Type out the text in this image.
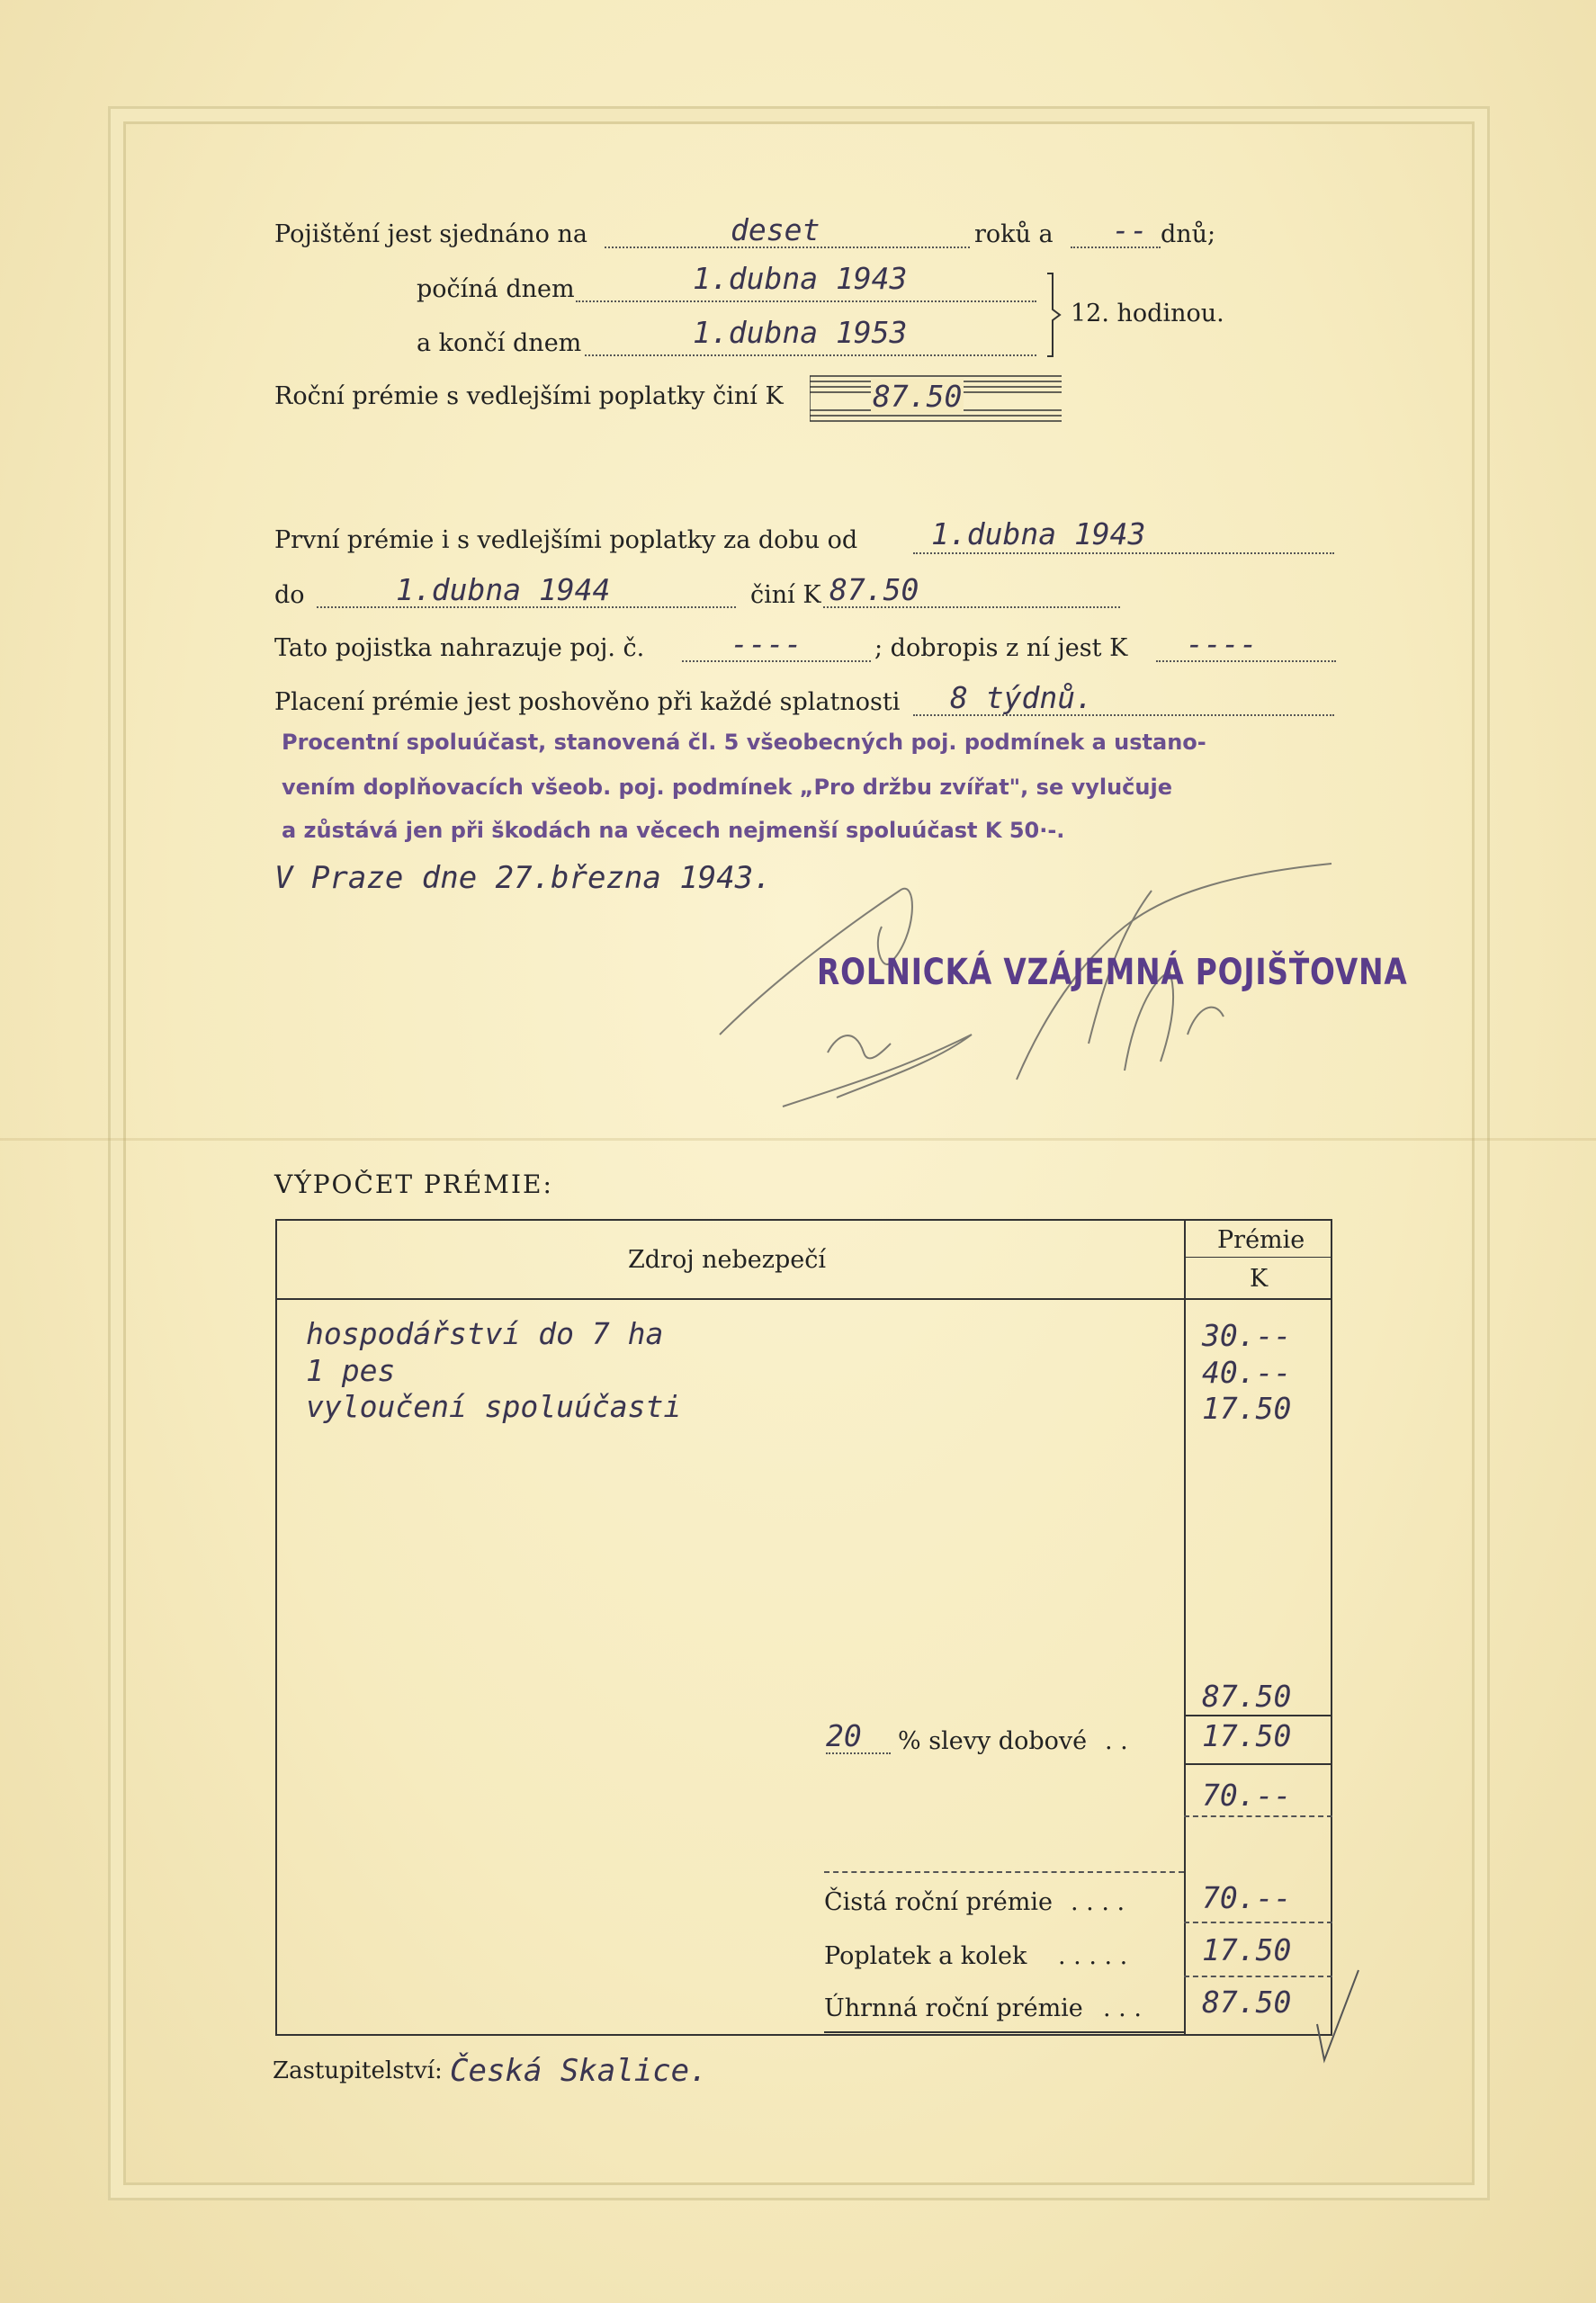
Pojištění jest sjednáno na	deset	roků a -- dnů;
počíná dnem	1.dubna 1943
a končí dnem	1.dubna 1953
12. hodinou.
Roční prémie s vedlejšími poplatky činí K	87.50
První prémie i s vedlejšími poplatky za dobu od 1.dubna 1943
do	1.dubna 1944	činí K 87.50
Tato pojistka nahrazuje poj. č.	----	; dobropis z ní jest K ----
Placení prémie jest poshověno při každé splatnosti 8 týdnů.
Procentní spoluúčast, stanovená čl. 5 všeobecných poj. podmínek a ustano-
vením doplňovacích všeob. poj. podmínek „Pro držbu zvířat", se vylučuje
a zůstává jen při škodách na věcech nejmenší spoluúčast K 50·-.
V Praze dne 27.března 1943.
ROLNICKÁ VZÁJEMNÁ POJIŠŤOVNA
VÝPOČET PRÉMIE:
Zdroj nebezpečí
Prémie
K
hospodářství do 7 ha	30.--
1 pes	40.--
vyloučení spoluúčasti	17.50
87.50
20 % slevy dobové . . 17.50
70.--
Čistá roční prémie . . . .	70.--
Poplatek a kolek . . . . .	17.50
Úhrnná roční prémie . . . 87.50
Zastupitelství: Česká Skalice.
